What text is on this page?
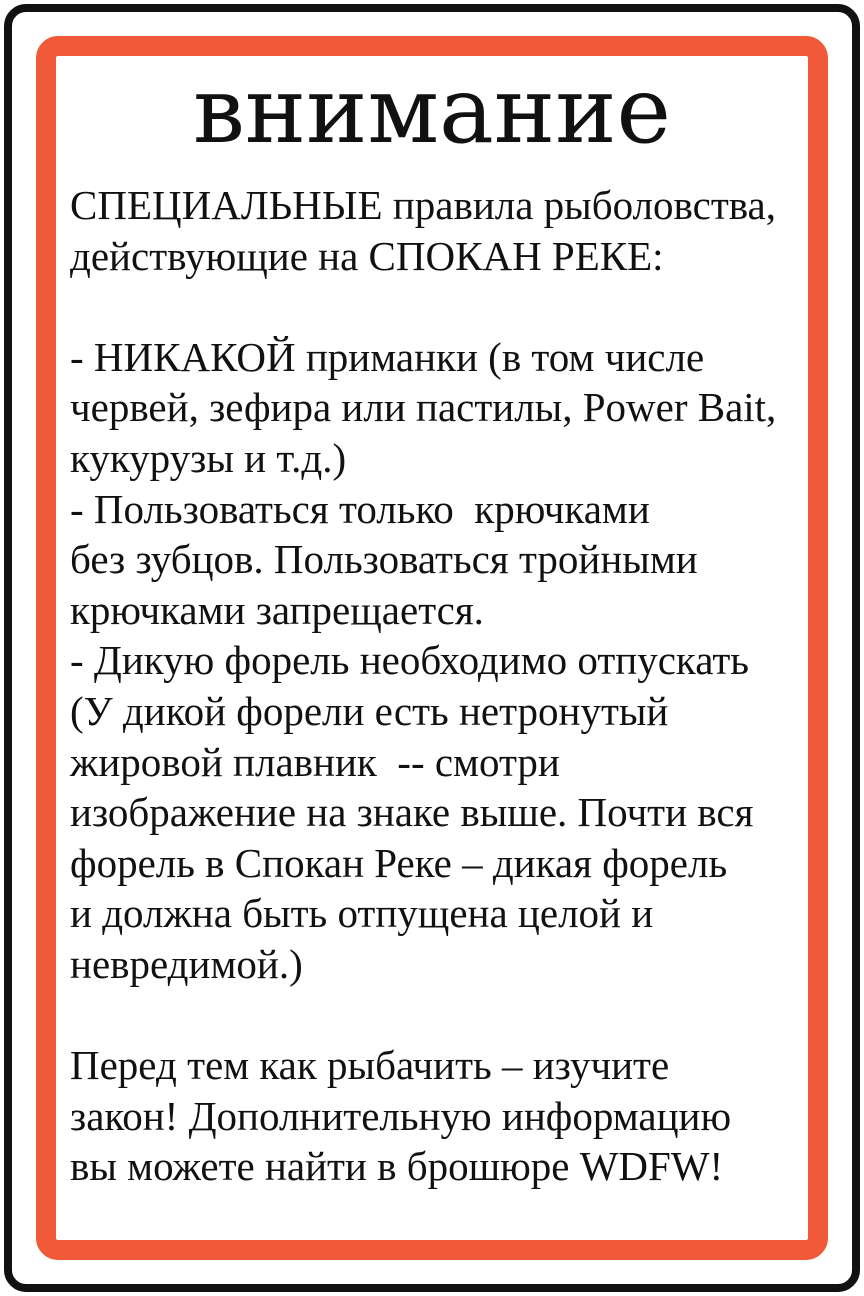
внимание
СПЕЦИАЛЬНЫЕ правила рыболовства,
действующие на СПОКАН РЕКЕ:
- НИКАКОЙ приманки (в том числе
червей, зефира или пастилы, Power Bait,
кукурузы и т.д.)
- Пользоваться только  крючками
без зубцов. Пользоваться тройными
крючками запрещается.
- Дикую форель необходимо отпускать
(У дикой форели есть нетронутый
жировой плавник  -- смотри
изображение на знаке выше. Почти вся
форель в Спокан Реке – дикая форель
и должна быть отпущена целой и
невредимой.)
Перед тем как рыбачить – изучите
закон! Дополнительную информацию
вы можете найти в брошюре WDFW!
